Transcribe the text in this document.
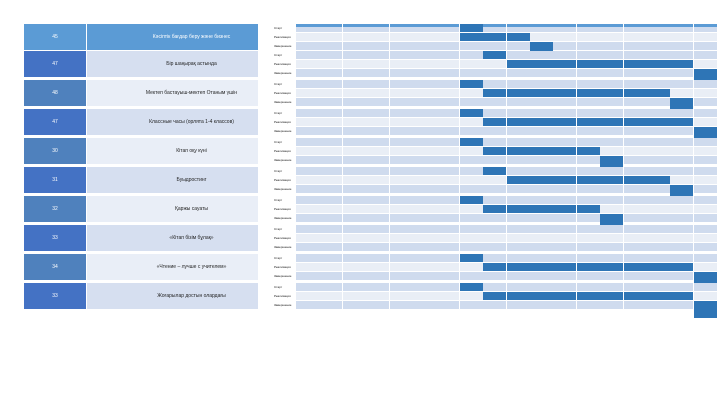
45	Кәсіптік бағдар беру және бизнес
Старт
Реализация
Завершение
47	Бір шаңырақ астында
Старт
Реализация
Завершение
48	Мектеп бастауыш-мектеп Отаным үшін
Старт
Реализация
Завершение
47	Классные часы (орлята 1-4 классов)
Старт
Реализация
Завершение
30	Кітап оқу күні
Старт
Реализация
Завершение
31	Буыдростинг
Старт
Реализация
Завершение
32	Қаржы сауаты
Старт
Реализация
Завершение
33	«Кітап бізім бұлақ»
Старт
Реализация
Завершение
34	«Чтение – лучше с учителем»
Старт
Реализация
Завершение
33	Жоғарылар достын олардағы
Старт
Реализация
Завершение
